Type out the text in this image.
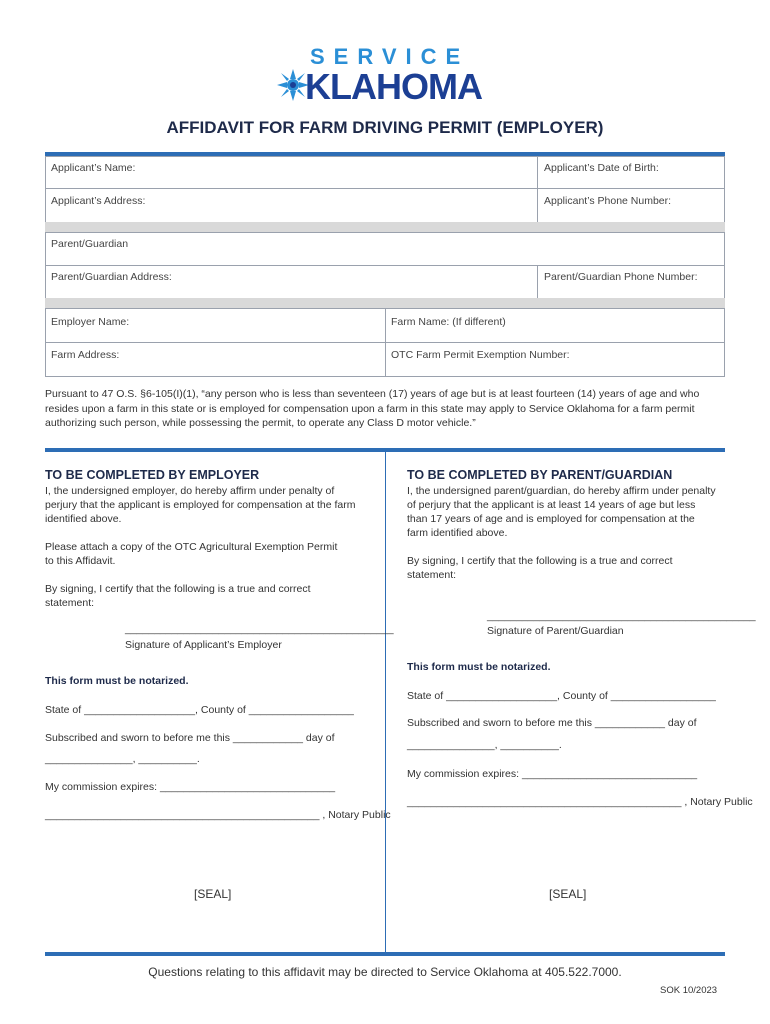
SERVICE
KLAHOMA
AFFIDAVIT FOR FARM DRIVING PERMIT (EMPLOYER)
Applicant’s Name:	Applicant’s Date of Birth:
Applicant’s Address:	Applicant’s Phone Number:
Parent/Guardian
Parent/Guardian Address:	Parent/Guardian Phone Number:
Employer Name:	Farm Name: (If different)
Farm Address:	OTC Farm Permit Exemption Number:
Pursuant to 47 O.S. §6-105(I)(1), “any person who is less than seventeen (17) years of age but is at least fourteen (14) years of age and who resides upon a farm in this state or is employed for compensation upon a farm in this state may apply to Service Oklahoma for a farm permit authorizing such person, while possessing the permit, to operate any Class D motor vehicle.”
TO BE COMPLETED BY EMPLOYER
I, the undersigned employer, do hereby affirm under penalty of perjury that the applicant is employed for compensation at the farm identified above.
Please attach a copy of the OTC Agricultural Exemption Permit to this Affidavit.
By signing, I certify that the following is a true and correct statement:
______________________________________________
Signature of Applicant’s Employer
This form must be notarized.
State of ___________________, County of __________________
Subscribed and sworn to before me this ____________ day of
_______________, __________.
My commission expires: ______________________________
_______________________________________________ , Notary Public
[SEAL]
TO BE COMPLETED BY PARENT/GUARDIAN
I, the undersigned parent/guardian, do hereby affirm under penalty of perjury that the applicant is at least 14 years of age but less than 17 years of age and is employed for compensation at the farm identified above.
By signing, I certify that the following is a true and correct statement:
______________________________________________
Signature of Parent/Guardian
This form must be notarized.
State of ___________________, County of __________________
Subscribed and sworn to before me this ____________ day of
_______________, __________.
My commission expires: ______________________________
_______________________________________________ , Notary Public
[SEAL]
Questions relating to this affidavit may be directed to Service Oklahoma at 405.522.7000.
SOK 10/2023
